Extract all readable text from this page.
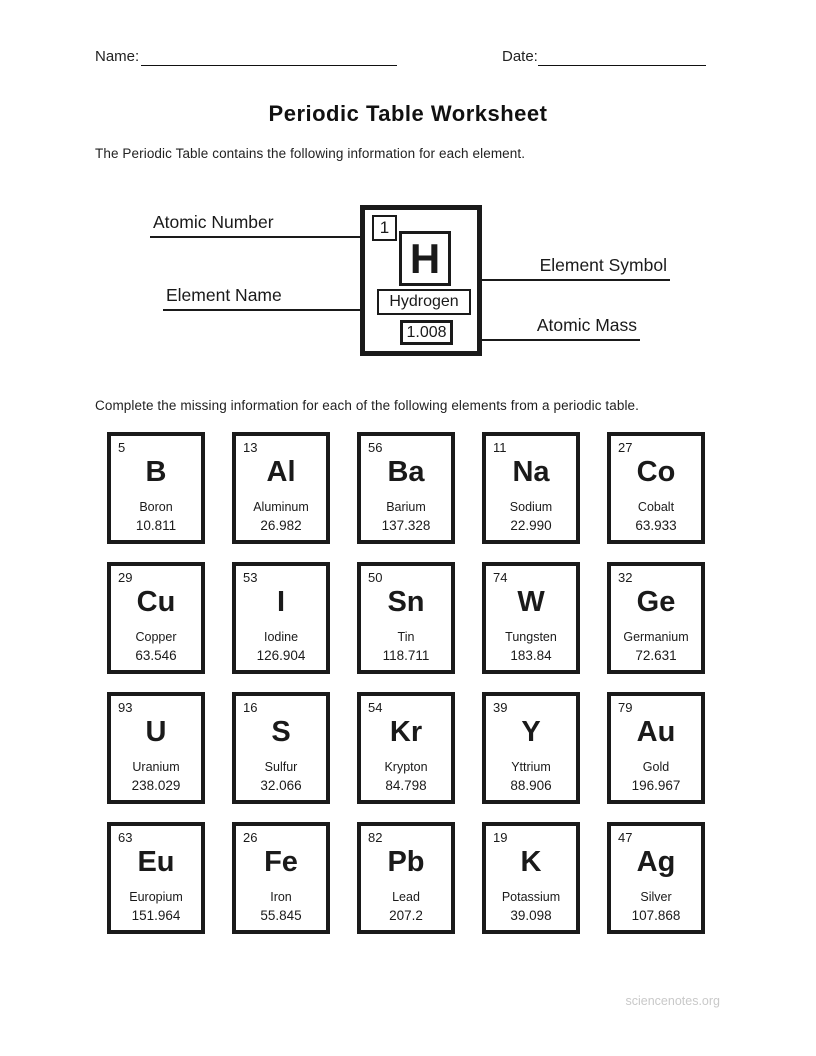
Name:	Date:
Periodic Table Worksheet

The Periodic Table contains the following information for each element.

Atomic Number
Element Name
Element Symbol
Atomic Mass
1
H
Hydrogen
1.008

Complete the missing information for each of the following elements from a periodic table.

5
B
Boron
10.811
13
Al
Aluminum
26.982
56
Ba
Barium
137.328
11
Na
Sodium
22.990
27
Co
Cobalt
63.933
29
Cu
Copper
63.546
53
I
Iodine
126.904
50
Sn
Tin
118.711
74
W
Tungsten
183.84
32
Ge
Germanium
72.631
93
U
Uranium
238.029
16
S
Sulfur
32.066
54
Kr
Krypton
84.798
39
Y
Yttrium
88.906
79
Au
Gold
196.967
63
Eu
Europium
151.964
26
Fe
Iron
55.845
82
Pb
Lead
207.2
19
K
Potassium
39.098
47
Ag
Silver
107.868
sciencenotes.org
